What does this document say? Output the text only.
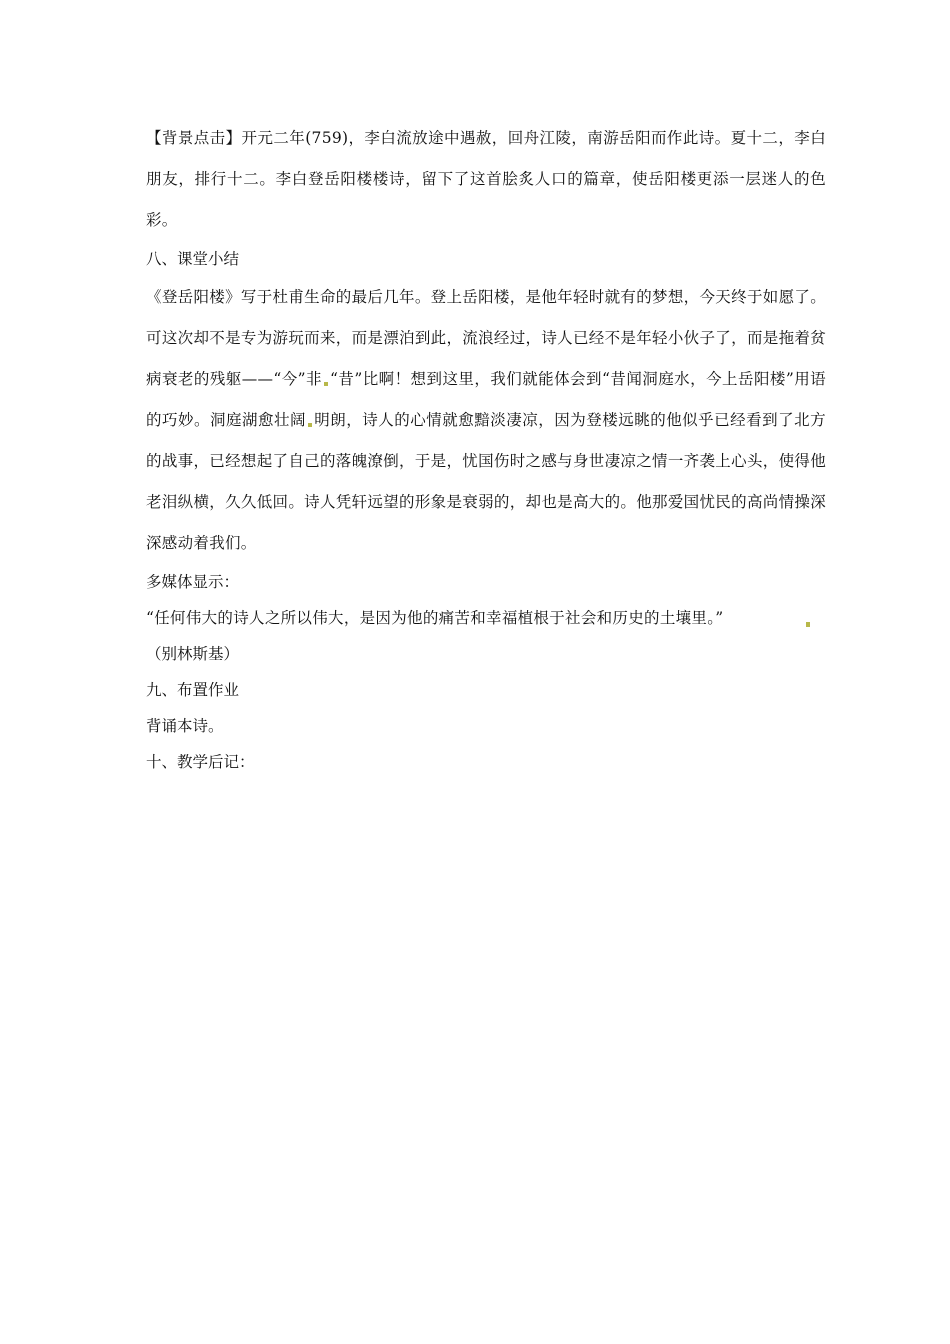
【背景点击】开元二年(759)，李白流放途中遇赦，回舟江陵，南游岳阳而作此诗。夏十二，李白朋友，排行十二。李白登岳阳楼楼诗，留下了这首脍炙人口的篇章，使岳阳楼更添一层迷人的色彩。

八、课堂小结

《登岳阳楼》写于杜甫生命的最后几年。登上岳阳楼，是他年轻时就有的梦想，今天终于如愿了。可这次却不是专为游玩而来，而是漂泊到此，流浪经过，诗人已经不是年轻小伙子了，而是拖着贫病衰老的残躯——“今”非 “昔”比啊！想到这里，我们就能体会到“昔闻洞庭水，今上岳阳楼”用语的巧妙。洞庭湖愈壮阔 明朗，诗人的心情就愈黯淡凄凉，因为登楼远眺的他似乎已经看到了北方的战事，已经想起了自己的落魄潦倒，于是，忧国伤时之感与身世凄凉之情一齐袭上心头，使得他老泪纵横，久久低回。诗人凭轩远望的形象是衰弱的，却也是高大的。他那爱国忧民的高尚情操深深感动着我们。

多媒体显示：

“任何伟大的诗人之所以伟大，是因为他的痛苦和幸福植根于社会和历史的土壤里。”

（别林斯基）

九、布置作业

背诵本诗。

十、教学后记：
